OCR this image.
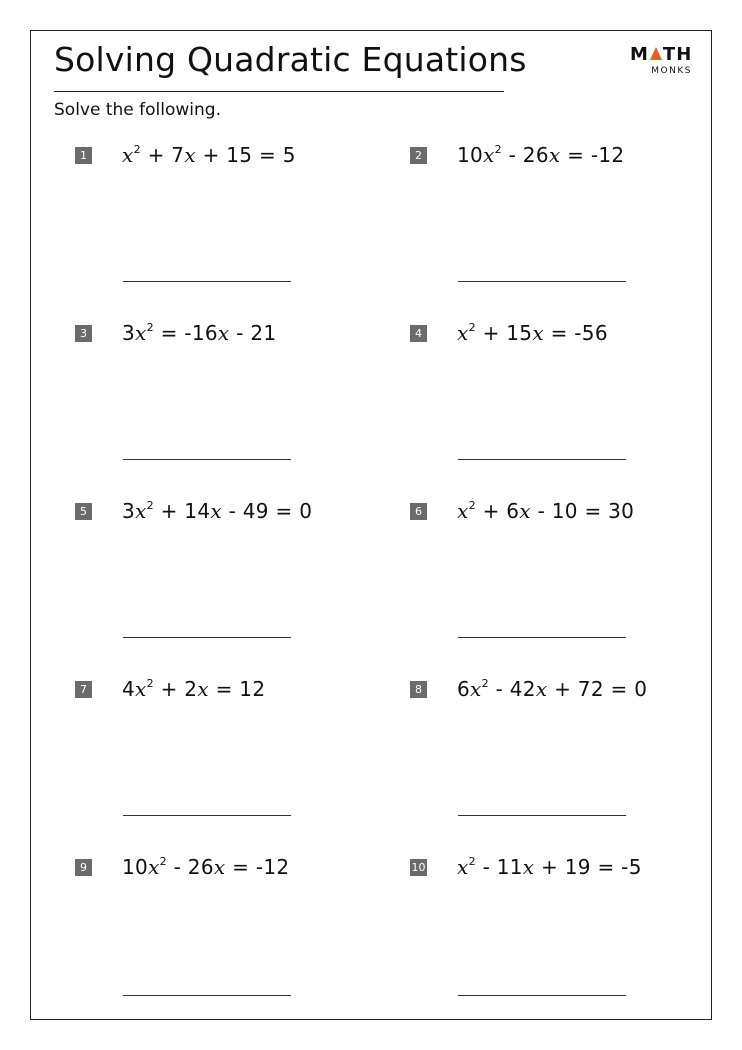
Solving Quadratic Equations	M TH
MONKS
Solve the following.
1 $x^2 + 7x + 15 = 5$	2 $10x^2 - 26x = -12$
3 $3x^2 = -16x - 21$	4 $x^2 + 15x = -56$
5 $3x^2 + 14x - 49 = 0$	6 $x^2 + 6x - 10 = 30$
7 $4x^2 + 2x = 12$	8 $6x^2 - 42x + 72 = 0$
9 $10x^2 - 26x = -12$	10 $x^2 - 11x + 19 = -5$
